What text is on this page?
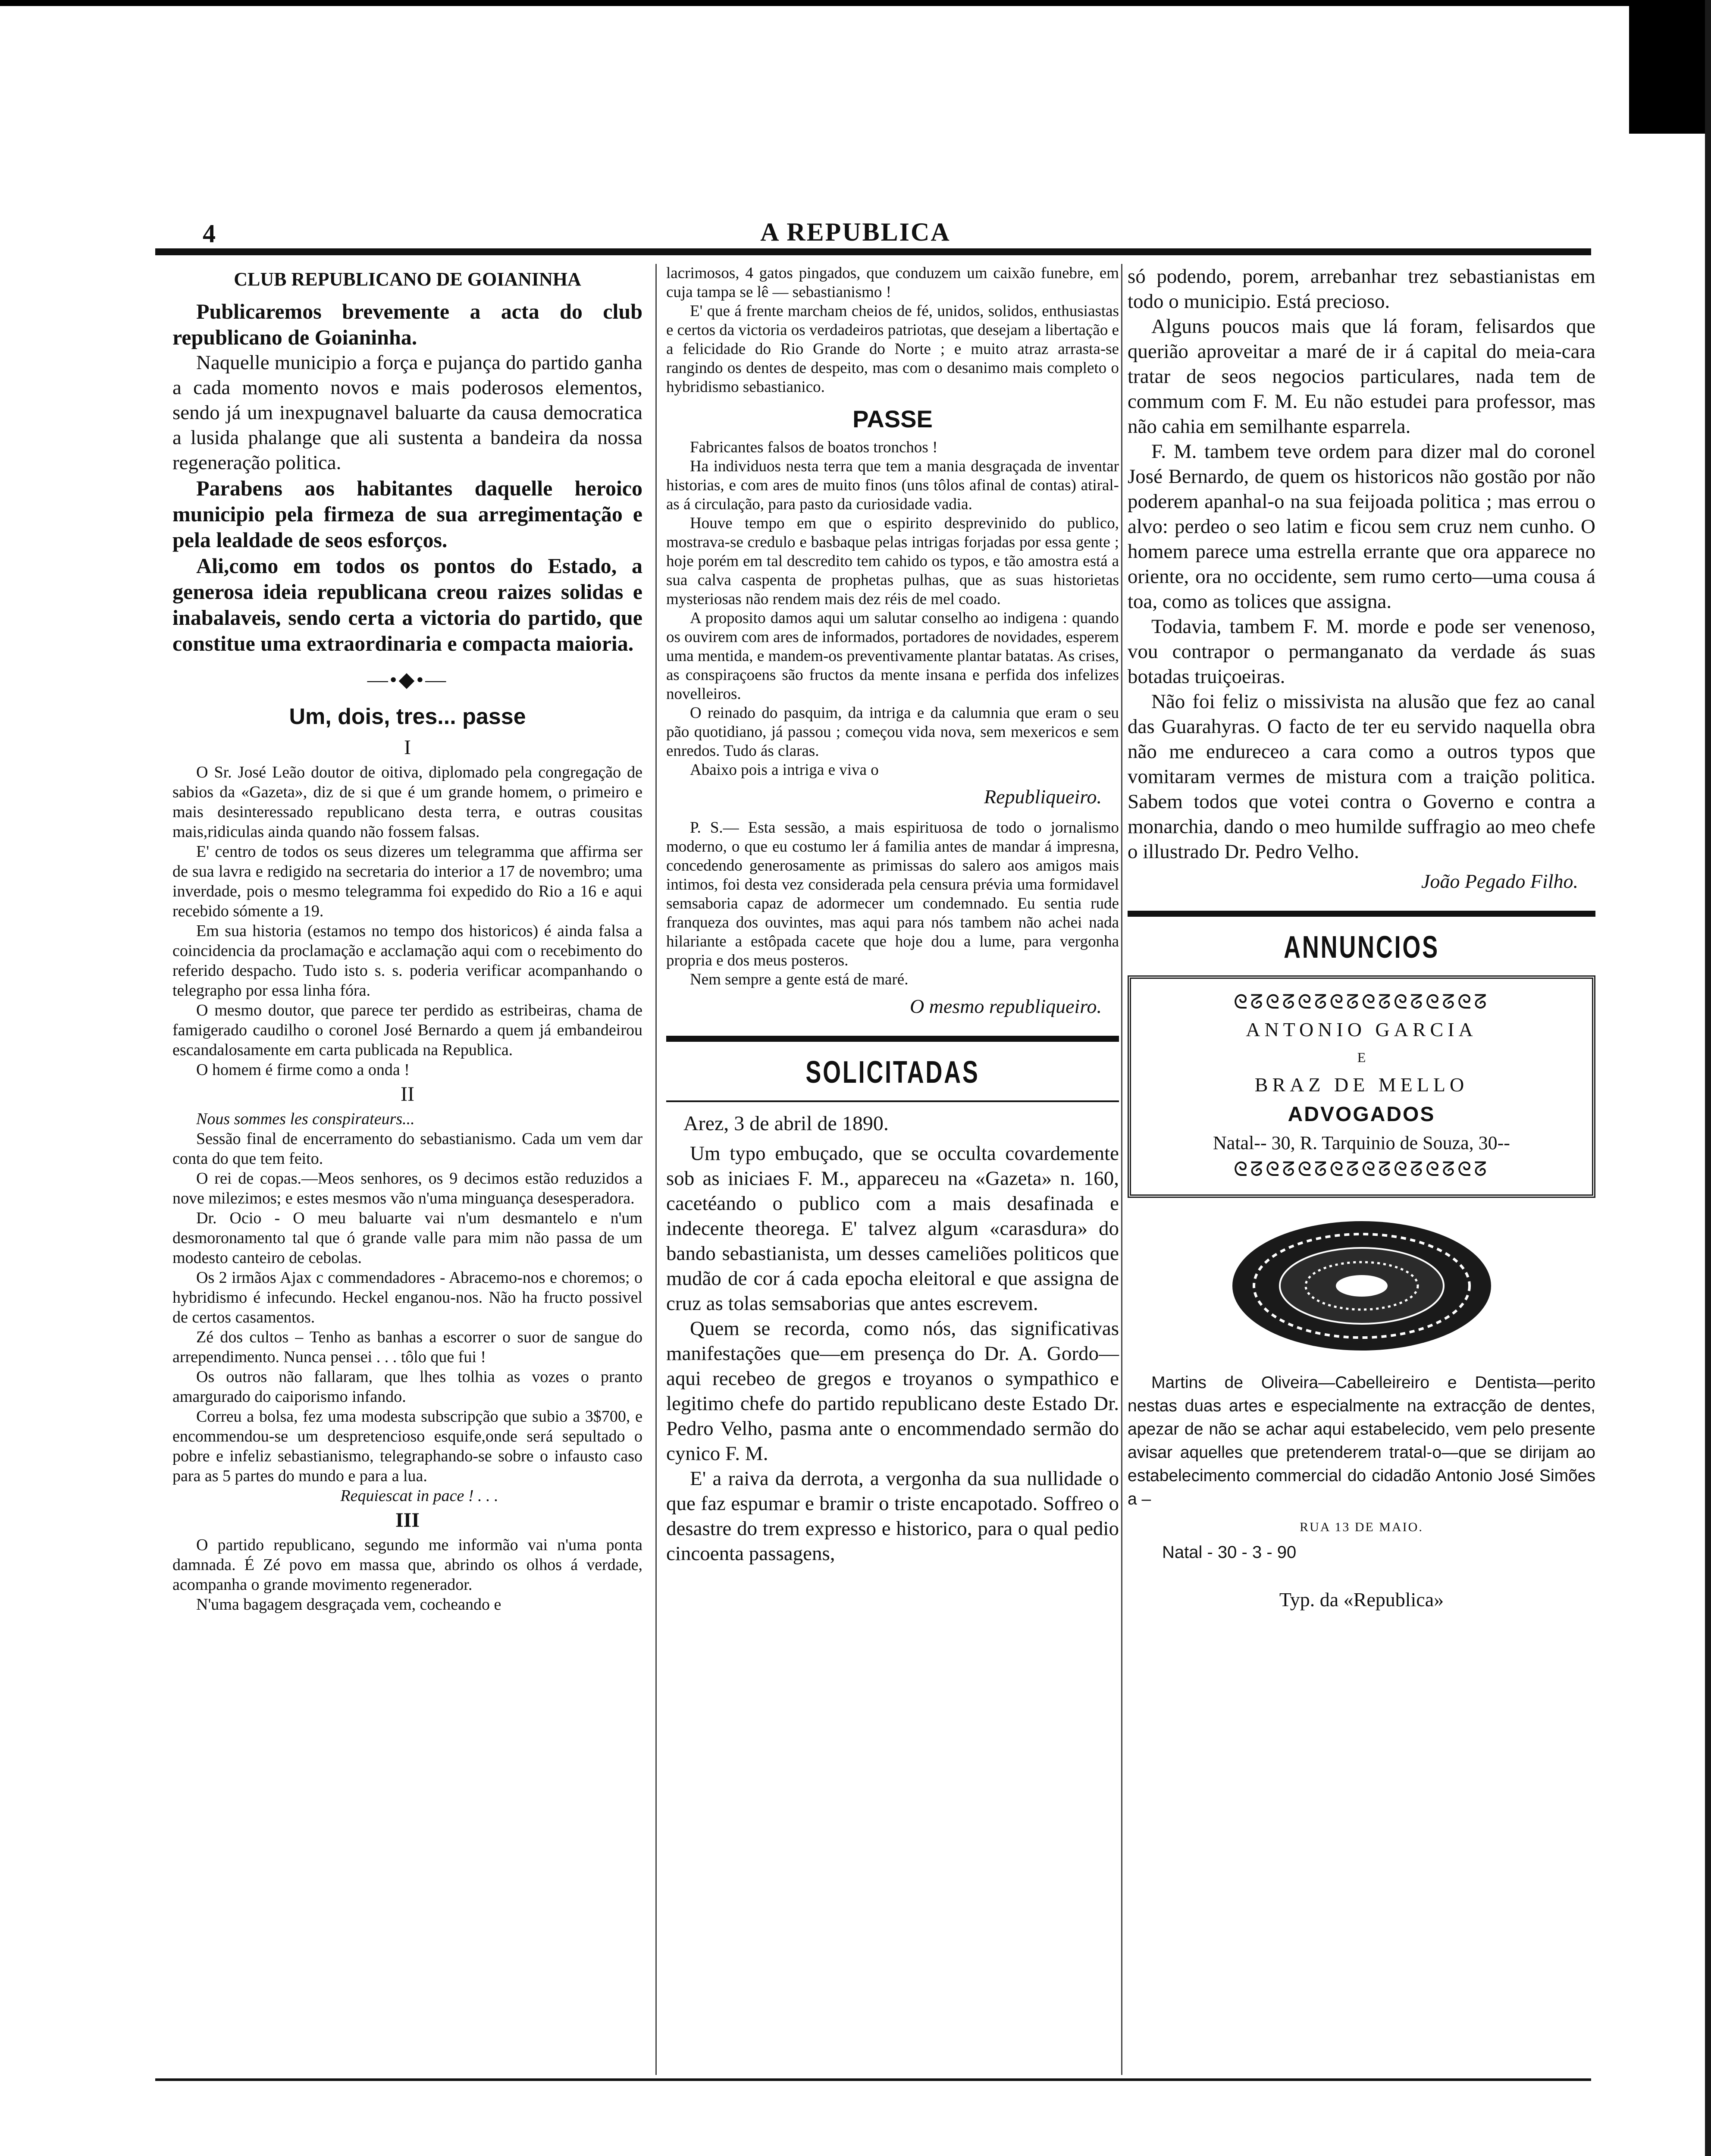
4	A REPUBLICA
CLUB REPUBLICANO DE GOIANINHA

Publicaremos brevemente a acta do club republicano de Goianinha.

Naquelle municipio a força e pujança do partido ganha a cada momento novos e mais poderosos elementos, sendo já um inexpugnavel baluarte da causa democratica a lusida phalange que ali sustenta a bandeira da nossa regeneração politica.

Parabens aos habitantes daquelle heroico municipio pela firmeza de sua arregimentação e pela lealdade de seos esforços.

Ali,como em todos os pontos do Estado, a generosa ideia republicana creou raizes solidas e inabalaveis, sendo certa a victoria do partido, que constitue uma extraordinaria e compacta maioria.

—•◆•—
Um, dois, tres... passe
I

O Sr. José Leão doutor de oitiva, diplomado pela congregação de sabios da «Gazeta», diz de si que é um grande homem, o primeiro e mais desinteressado republicano desta terra, e outras cousitas mais,ridiculas ainda quando não fossem falsas.

E' centro de todos os seus dizeres um telegramma que affirma ser de sua lavra e redigido na secretaria do interior a 17 de novembro; uma inverdade, pois o mesmo telegramma foi expedido do Rio a 16 e aqui recebido sómente a 19.

Em sua historia (estamos no tempo dos historicos) é ainda falsa a coincidencia da proclamação e acclamação aqui com o recebimento do referido despacho. Tudo isto s. s. poderia verificar acompanhando o telegrapho por essa linha fóra.

O mesmo doutor, que parece ter perdido as estribeiras, chama de famigerado caudilho o coronel José Bernardo a quem já embandeirou escandalosamente em carta publicada na Republica.

O homem é firme como a onda !

II

Nous sommes les conspirateurs...

Sessão final de encerramento do sebastianismo. Cada um vem dar conta do que tem feito.

O rei de copas.—Meos senhores, os 9 decimos estão reduzidos a nove milezimos; e estes mesmos vão n'uma minguança desesperadora.

Dr. Ocio - O meu baluarte vai n'um desmantelo e n'um desmoronamento tal que ó grande valle para mim não passa de um modesto canteiro de cebolas.

Os 2 irmãos Ajax c commendadores - Abracemo-nos e choremos; o hybridismo é infecundo. Heckel enganou-nos. Não ha fructo possivel de certos casamentos.

Zé dos cultos – Tenho as banhas a escorrer o suor de sangue do arrependimento. Nunca pensei . . . tôlo que fui !

Os outros não fallaram, que lhes tolhia as vozes o pranto amargurado do caiporismo infando.

Correu a bolsa, fez uma modesta subscripção que subio a 3$700, e encommendou-se um despretencioso esquife,onde será sepultado o pobre e infeliz sebastianismo, telegraphando-se sobre o infausto caso para as 5 partes do mundo e para a lua.

Requiescat in pace ! . . .

III

O partido republicano, segundo me informão vai n'uma ponta damnada. É Zé povo em massa que, abrindo os olhos á verdade, acompanha o grande movimento regenerador.

N'uma bagagem desgraçada vem, cocheando e

lacrimosos, 4 gatos pingados, que conduzem um caixão funebre, em cuja tampa se lê — sebastianismo !

E' que á frente marcham cheios de fé, unidos, solidos, enthusiastas e certos da victoria os verdadeiros patriotas, que desejam a libertação e a felicidade do Rio Grande do Norte ; e muito atraz arrasta-se rangindo os dentes de despeito, mas com o desanimo mais completo o hybridismo sebastianico.

PASSE

Fabricantes falsos de boatos tronchos !

Ha individuos nesta terra que tem a mania desgraçada de inventar historias, e com ares de muito finos (uns tôlos afinal de contas) atiral-as á circulação, para pasto da curiosidade vadia.

Houve tempo em que o espirito desprevinido do publico, mostrava-se credulo e basbaque pelas intrigas forjadas por essa gente ; hoje porém em tal descredito tem cahido os typos, e tão amostra está a sua calva caspenta de prophetas pulhas, que as suas historietas mysteriosas não rendem mais dez réis de mel coado.

A proposito damos aqui um salutar conselho ao indigena : quando os ouvirem com ares de informados, portadores de novidades, esperem uma mentida, e mandem-os preventivamente plantar batatas. As crises, as conspiraçoens são fructos da mente insana e perfida dos infelizes novelleiros.

O reinado do pasquim, da intriga e da calumnia que eram o seu pão quotidiano, já passou ; começou vida nova, sem mexericos e sem enredos. Tudo ás claras.

Abaixo pois a intriga e viva o

Republiqueiro.

P. S.— Esta sessão, a mais espirituosa de todo o jornalismo moderno, o que eu costumo ler á familia antes de mandar á impresna, concedendo generosamente as primissas do salero aos amigos mais intimos, foi desta vez considerada pela censura prévia uma formidavel semsaboria capaz de adormecer um condemnado. Eu sentia rude franqueza dos ouvintes, mas aqui para nós tambem não achei nada hilariante a estôpada cacete que hoje dou a lume, para vergonha propria e dos meus posteros.

Nem sempre a gente está de maré.

O mesmo republiqueiro.
SOLICITADAS
Arez, 3 de abril de 1890.

Um typo embuçado, que se occulta covardemente sob as iniciaes F. M., appareceu na «Gazeta» n. 160, cacetéando o publico com a mais desafinada e indecente theorega. E' talvez algum «carasdura» do bando sebastianista, um desses cameliões politicos que mudão de cor á cada epocha eleitoral e que assigna de cruz as tolas semsaborias que antes escrevem.

Quem se recorda, como nós, das significativas manifestações que—em presença do Dr. A. Gordo—aqui recebeo de gregos e troyanos o sympathico e legitimo chefe do partido republicano deste Estado Dr. Pedro Velho, pasma ante o encommendado sermão do cynico F. M.

E' a raiva da derrota, a vergonha da sua nullidade o que faz espumar e bramir o triste encapotado. Soffreo o desastre do trem expresso e historico, para o qual pedio cincoenta passagens,

só podendo, porem, arrebanhar trez sebastianistas em todo o municipio. Está precioso.

Alguns poucos mais que lá foram, felisardos que querião aproveitar a maré de ir á capital do meia-cara tratar de seos negocios particulares, nada tem de commum com F. M. Eu não estudei para professor, mas não cahia em semilhante esparrela.

F. M. tambem teve ordem para dizer mal do coronel José Bernardo, de quem os historicos não gostão por não poderem apanhal-o na sua feijoada politica ; mas errou o alvo: perdeo o seo latim e ficou sem cruz nem cunho. O homem parece uma estrella errante que ora apparece no oriente, ora no occidente, sem rumo certo—uma cousa á toa, como as tolices que assigna.

Todavia, tambem F. M. morde e pode ser venenoso, vou contrapor o permanganato da verdade ás suas botadas truiçoeiras.

Não foi feliz o missivista na alusão que fez ao canal das Guarahyras. O facto de ter eu servido naquella obra não me endureceo a cara como a outros typos que vomitaram vermes de mistura com a traição politica. Sabem todos que votei contra o Governo e contra a monarchia, dando o meo humilde suffragio ao meo chefe o illustrado Dr. Pedro Velho.

João Pegado Filho.
ANNUNCIOS
ᘓᘔᘓᘔᘓᘔᘓᘔᘓᘔᘓᘔᘓᘔᘓᘔ
ANTONIO GARCIA
E
BRAZ DE MELLO
ADVOGADOS
Natal-- 30, R. Tarquinio de Souza, 30--
ᘓᘔᘓᘔᘓᘔᘓᘔᘓᘔᘓᘔᘓᘔᘓᘔ

Martins de Oliveira—Cabelleireiro e Dentista—perito nestas duas artes e especialmente na extracção de dentes, apezar de não se achar aqui estabelecido, vem pelo presente avisar aquelles que pretenderem tratal-o—que se dirijam ao estabelecimento commercial do cidadão Antonio José Simões a –

RUA 13 DE MAIO.
Natal - 30 - 3 - 90
Typ. da «Republica»
